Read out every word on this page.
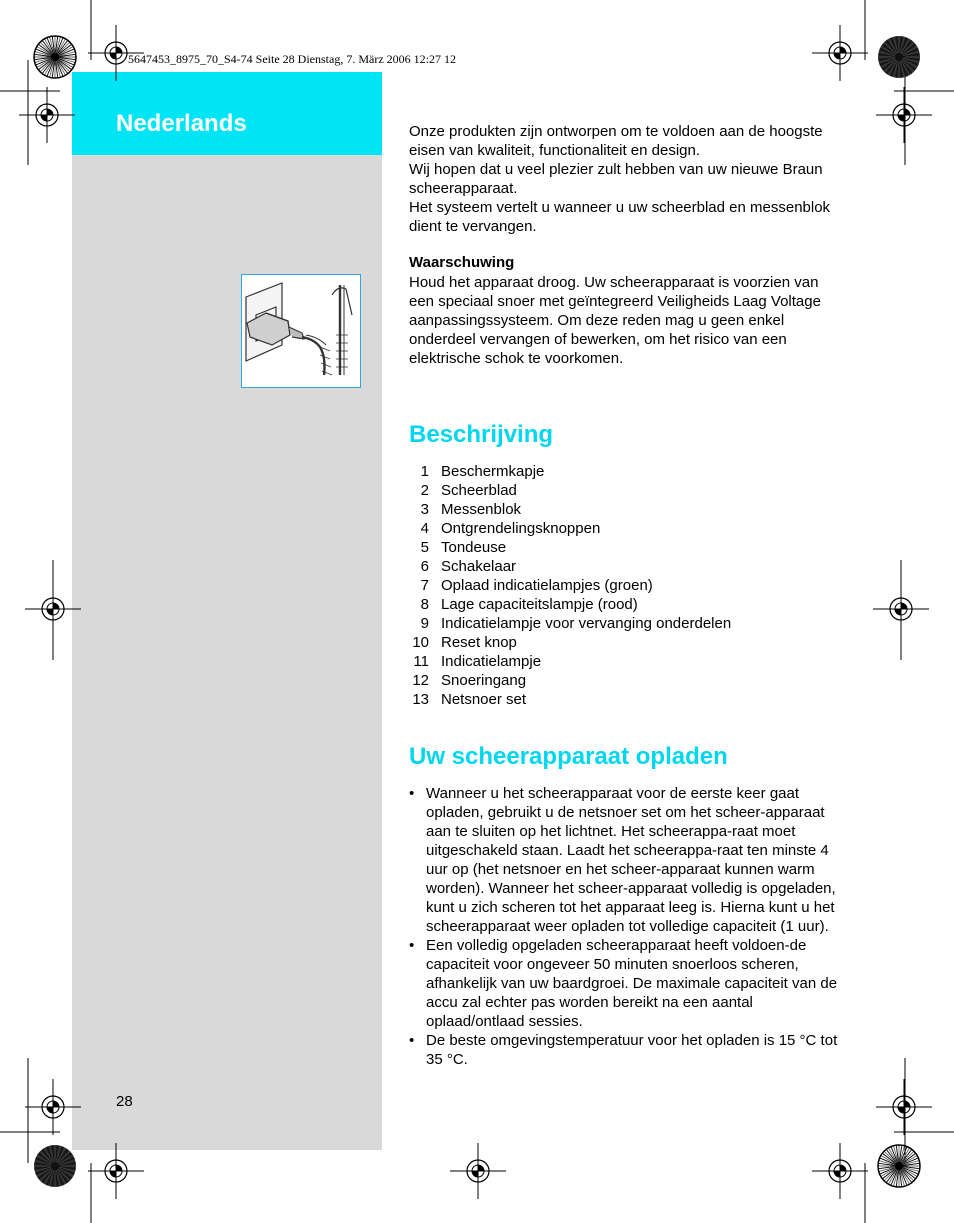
Nederlands
5647453_8975_70_S4-74 Seite 28 Dienstag, 7. März 2006 12:27 12

Onze produkten zijn ontworpen om te voldoen aan de hoogste eisen van kwaliteit, functionaliteit en design.

Wij hopen dat u veel plezier zult hebben van uw nieuwe Braun scheerapparaat.

Het systeem vertelt u wanneer u uw scheerblad en messenblok dient te vervangen.

Waarschuwing
Houd het apparaat droog. Uw scheerapparaat is voorzien van een speciaal snoer met geïntegreerd Veiligheids Laag Voltage aanpassingssysteem. Om deze reden mag u geen enkel onderdeel vervangen of bewerken, om het risico van een elektrische schok te voorkomen.
Beschrijving
1 Beschermkapje
2 Scheerblad
3 Messenblok
4 Ontgrendelingsknoppen
5 Tondeuse
6 Schakelaar
7 Oplaad indicatielampjes (groen)
8 Lage capaciteitslampje (rood)
9 Indicatielampje voor vervanging onderdelen
10 Reset knop
11 Indicatielampje
12 Snoeringang
13 Netsnoer set
Uw scheerapparaat opladen
• Wanneer u het scheerapparaat voor de eerste keer gaat opladen, gebruikt u de netsnoer set om het scheer-apparaat aan te sluiten op het lichtnet. Het scheerappa-raat moet uitgeschakeld staan. Laadt het scheerappa-raat ten minste 4 uur op (het netsnoer en het scheer-apparaat kunnen warm worden). Wanneer het scheer-apparaat volledig is opgeladen, kunt u zich scheren tot het apparaat leeg is. Hierna kunt u het scheerapparaat weer opladen tot volledige capaciteit (1 uur).
• Een volledig opgeladen scheerapparaat heeft voldoen-de capaciteit voor ongeveer 50 minuten snoerloos scheren, afhankelijk van uw baardgroei. De maximale capaciteit van de accu zal echter pas worden bereikt na een aantal oplaad/ontlaad sessies.
• De beste omgevingstemperatuur voor het opladen is 15 °C tot 35 °C.
28
